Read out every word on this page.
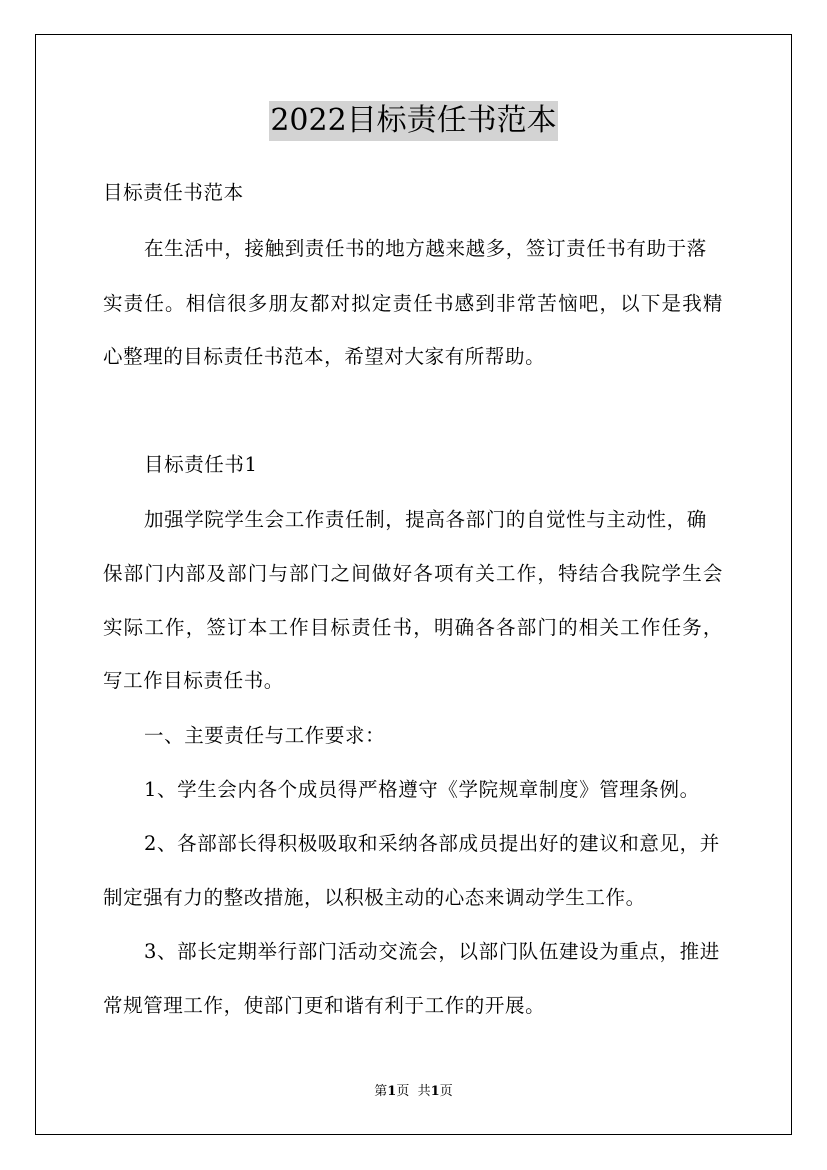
2022目标责任书范本
目标责任书范本
在生活中，接触到责任书的地方越来越多，签订责任书有助于落
实责任。相信很多朋友都对拟定责任书感到非常苦恼吧，以下是我精
心整理的目标责任书范本，希望对大家有所帮助。
目标责任书1
加强学院学生会工作责任制，提高各部门的自觉性与主动性，确
保部门内部及部门与部门之间做好各项有关工作，特结合我院学生会
实际工作，签订本工作目标责任书，明确各各部门的相关工作任务，
写工作目标责任书。
一、主要责任与工作要求：
1、学生会内各个成员得严格遵守《学院规章制度》管理条例。
2、各部部长得积极吸取和采纳各部成员提出好的建议和意见，并
制定强有力的整改措施，以积极主动的心态来调动学生工作。
3、部长定期举行部门活动交流会，以部门队伍建设为重点，推进
常规管理工作，使部门更和谐有利于工作的开展。
第1页 共1页
